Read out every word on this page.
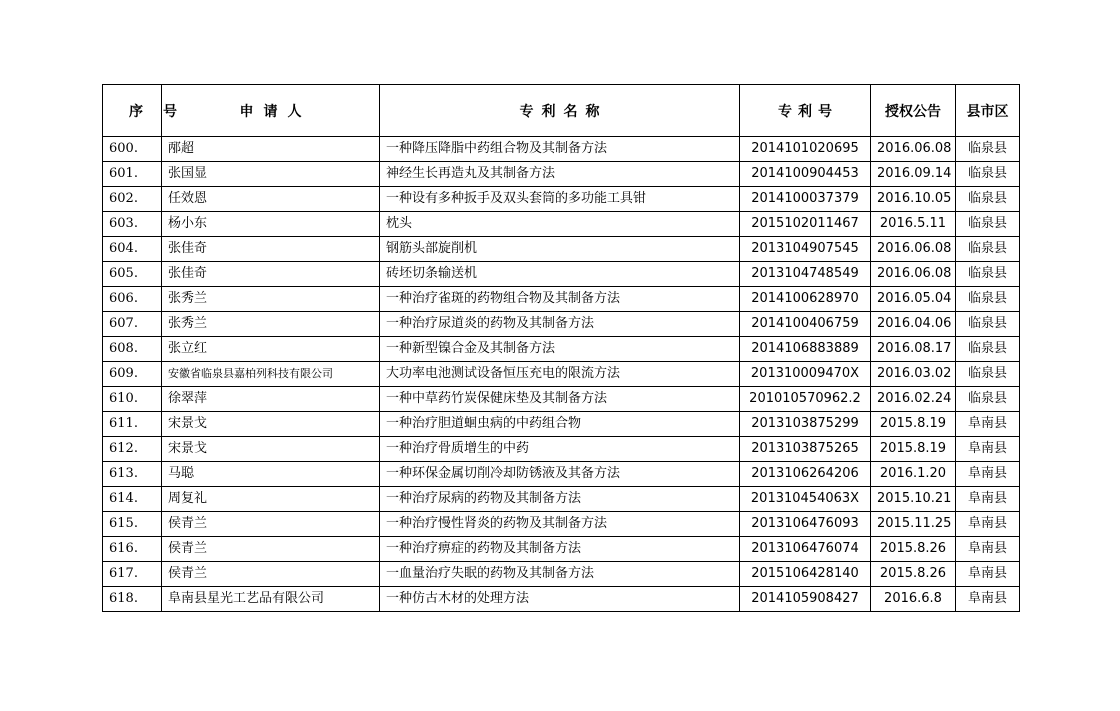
序号	申请人	专利名称	专利号	授权公告	县市区
600.	邴超	一种降压降脂中药组合物及其制备方法	2014101020695	2016.06.08	临泉县
601.	张国显	神经生长再造丸及其制备方法	2014100904453	2016.09.14	临泉县
602.	任效恩	一种设有多种扳手及双头套筒的多功能工具钳	2014100037379	2016.10.05	临泉县
603.	杨小东	枕头	2015102011467	2016.5.11	临泉县
604.	张佳奇	钢筋头部旋削机	2013104907545	2016.06.08	临泉县
605.	张佳奇	砖坯切条输送机	2013104748549	2016.06.08	临泉县
606.	张秀兰	一种治疗雀斑的药物组合物及其制备方法	2014100628970	2016.05.04	临泉县
607.	张秀兰	一种治疗尿道炎的药物及其制备方法	2014100406759	2016.04.06	临泉县
608.	张立红	一种新型镍合金及其制备方法	2014106883889	2016.08.17	临泉县
609.	安徽省临泉县嘉柏列科技有限公司	大功率电池测试设备恒压充电的限流方法	201310009470X	2016.03.02	临泉县
610.	徐翠萍	一种中草药竹炭保健床垫及其制备方法	201010570962.2	2016.02.24	临泉县
611.	宋景戈	一种治疗胆道蛔虫病的中药组合物	2013103875299	2015.8.19	阜南县
612.	宋景戈	一种治疗骨质增生的中药	2013103875265	2015.8.19	阜南县
613.	马聪	一种环保金属切削冷却防锈液及其备方法	2013106264206	2016.1.20	阜南县
614.	周复礼	一种治疗尿病的药物及其制备方法	201310454063X	2015.10.21	阜南县
615.	侯青兰	一种治疗慢性肾炎的药物及其制备方法	2013106476093	2015.11.25	阜南县
616.	侯青兰	一种治疗痹症的药物及其制备方法	2013106476074	2015.8.26	阜南县
617.	侯青兰	一血量治疗失眠的药物及其制备方法	2015106428140	2015.8.26	阜南县
618.	阜南县星光工艺品有限公司	一种仿古木材的处理方法	2014105908427	2016.6.8	阜南县
